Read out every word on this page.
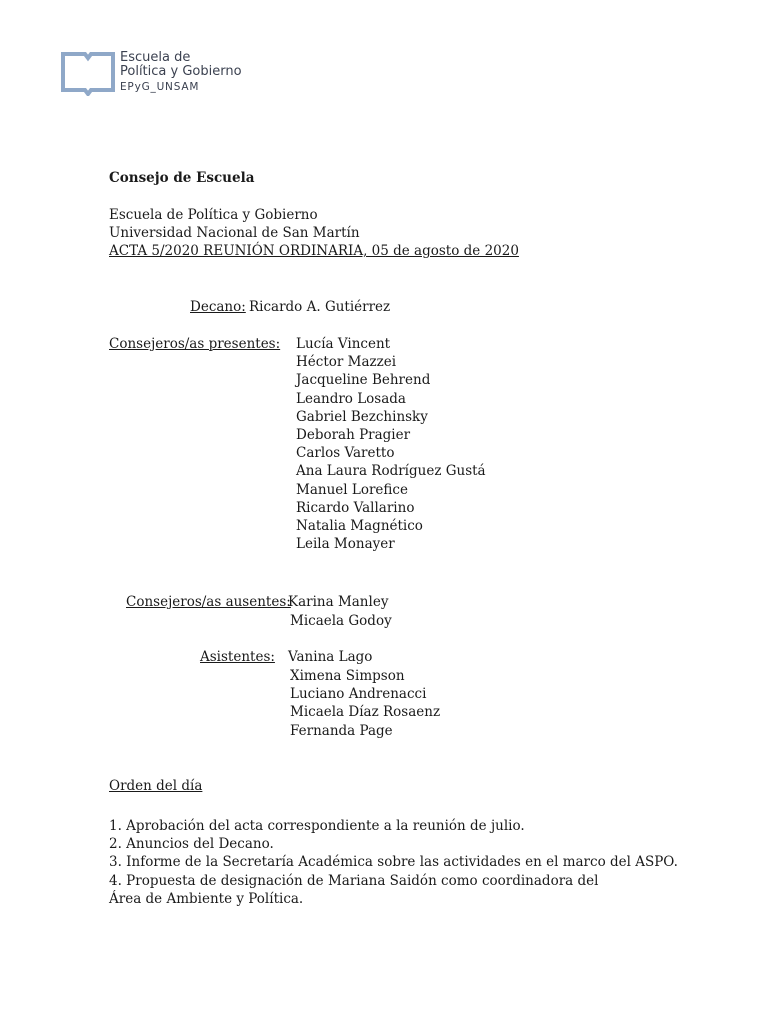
Escuela de
Política y Gobierno
EPyG_UNSAM
Consejo de Escuela
Escuela de Política y Gobierno
Universidad Nacional de San Martín
ACTA 5/2020 REUNIÓN ORDINARIA, 05 de agosto de 2020
Decano: Ricardo A. Gutiérrez
Consejeros/as presentes: Lucía Vincent
Héctor Mazzei
Jacqueline Behrend
Leandro Losada
Gabriel Bezchinsky
Deborah Pragier
Carlos Varetto
Ana Laura Rodríguez Gustá
Manuel Lorefice
Ricardo Vallarino
Natalia Magnético
Leila Monayer
Consejeros/as ausentes:
Karina Manley
Micaela Godoy
Asistentes: Vanina Lago
Ximena Simpson
Luciano Andrenacci
Micaela Díaz Rosaenz
Fernanda Page
Orden del día
1. Aprobación del acta correspondiente a la reunión de julio.
2. Anuncios del Decano.
3. Informe de la Secretaría Académica sobre las actividades en el marco del ASPO.
4. Propuesta de designación de Mariana Saidón como coordinadora del Área de Ambiente y Política.
